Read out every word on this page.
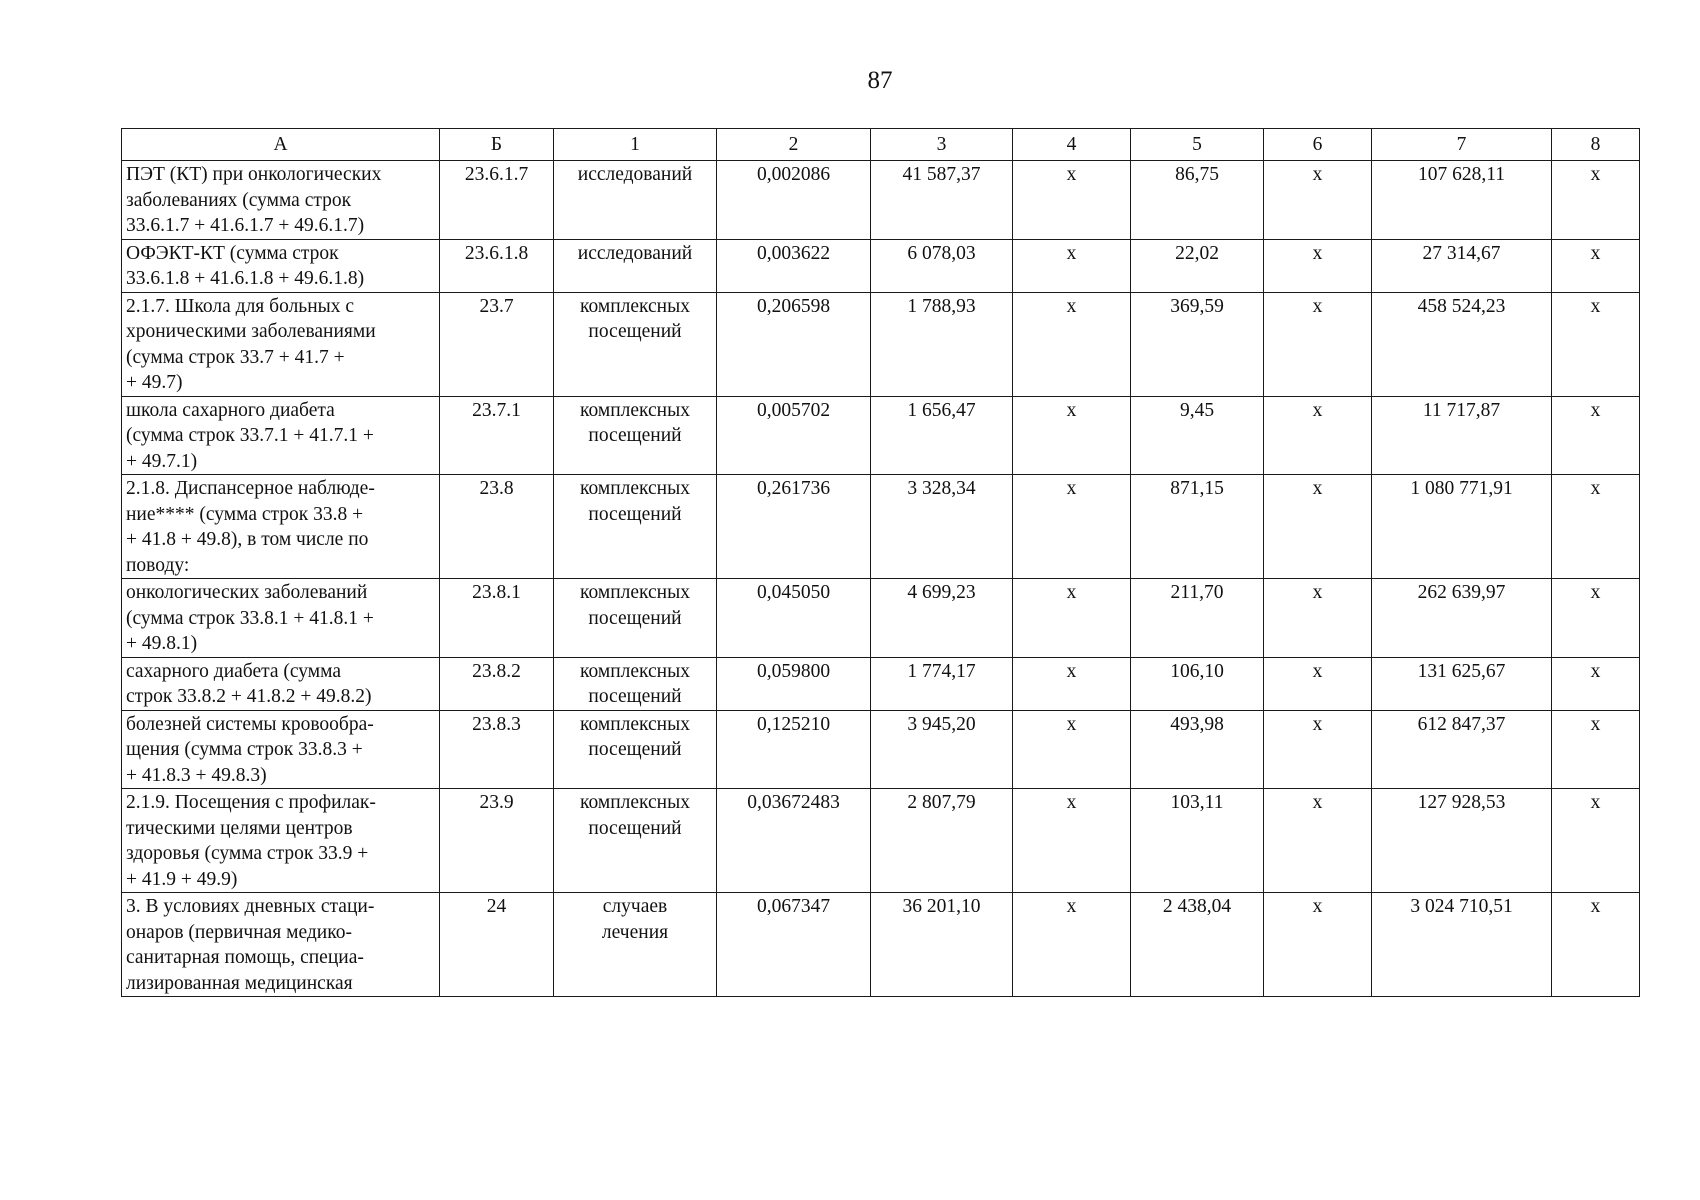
87
А	Б	1	2	3	4	5	6	7	8

ПЭТ (КТ) при онкологических
заболеваниях (сумма строк
33.6.1.7 + 41.6.1.7 + 49.6.1.7)	23.6.1.7	исследований	0,002086	41 587,37	х	86,75	х	107 628,11	х

ОФЭКТ-КТ (сумма строк
33.6.1.8 + 41.6.1.8 + 49.6.1.8)	23.6.1.8	исследований	0,003622	6 078,03	х	22,02	х	27 314,67	х

2.1.7. Школа для больных с
хроническими заболеваниями
(сумма строк 33.7 + 41.7 +
+ 49.7)	23.7	комплексных
посещений	0,206598	1 788,93	х	369,59	х	458 524,23	х

школа сахарного диабета
(сумма строк 33.7.1 + 41.7.1 +
+ 49.7.1)	23.7.1	комплексных
посещений	0,005702	1 656,47	х	9,45	х	11 717,87	х

2.1.8. Диспансерное наблюде-
ние**** (сумма строк 33.8 +
+ 41.8 + 49.8), в том числе по
поводу:	23.8	комплексных
посещений	0,261736	3 328,34	х	871,15	х	1 080 771,91	х

онкологических заболеваний
(сумма строк 33.8.1 + 41.8.1 +
+ 49.8.1)	23.8.1	комплексных
посещений	0,045050	4 699,23	х	211,70	х	262 639,97	х

сахарного диабета (сумма
строк 33.8.2 + 41.8.2 + 49.8.2)	23.8.2	комплексных
посещений	0,059800	1 774,17	х	106,10	х	131 625,67	х

болезней системы кровообра-
щения (сумма строк 33.8.3 +
+ 41.8.3 + 49.8.3)	23.8.3	комплексных
посещений	0,125210	3 945,20	х	493,98	х	612 847,37	х

2.1.9. Посещения с профилак-
тическими целями центров
здоровья (сумма строк 33.9 +
+ 41.9 + 49.9)	23.9	комплексных
посещений	0,03672483	2 807,79	х	103,11	х	127 928,53	х

3. В условиях дневных стаци-
онаров (первичная медико-
санитарная помощь, специа-
лизированная медицинская	24	случаев
лечения	0,067347	36 201,10	х	2 438,04	х	3 024 710,51	х
